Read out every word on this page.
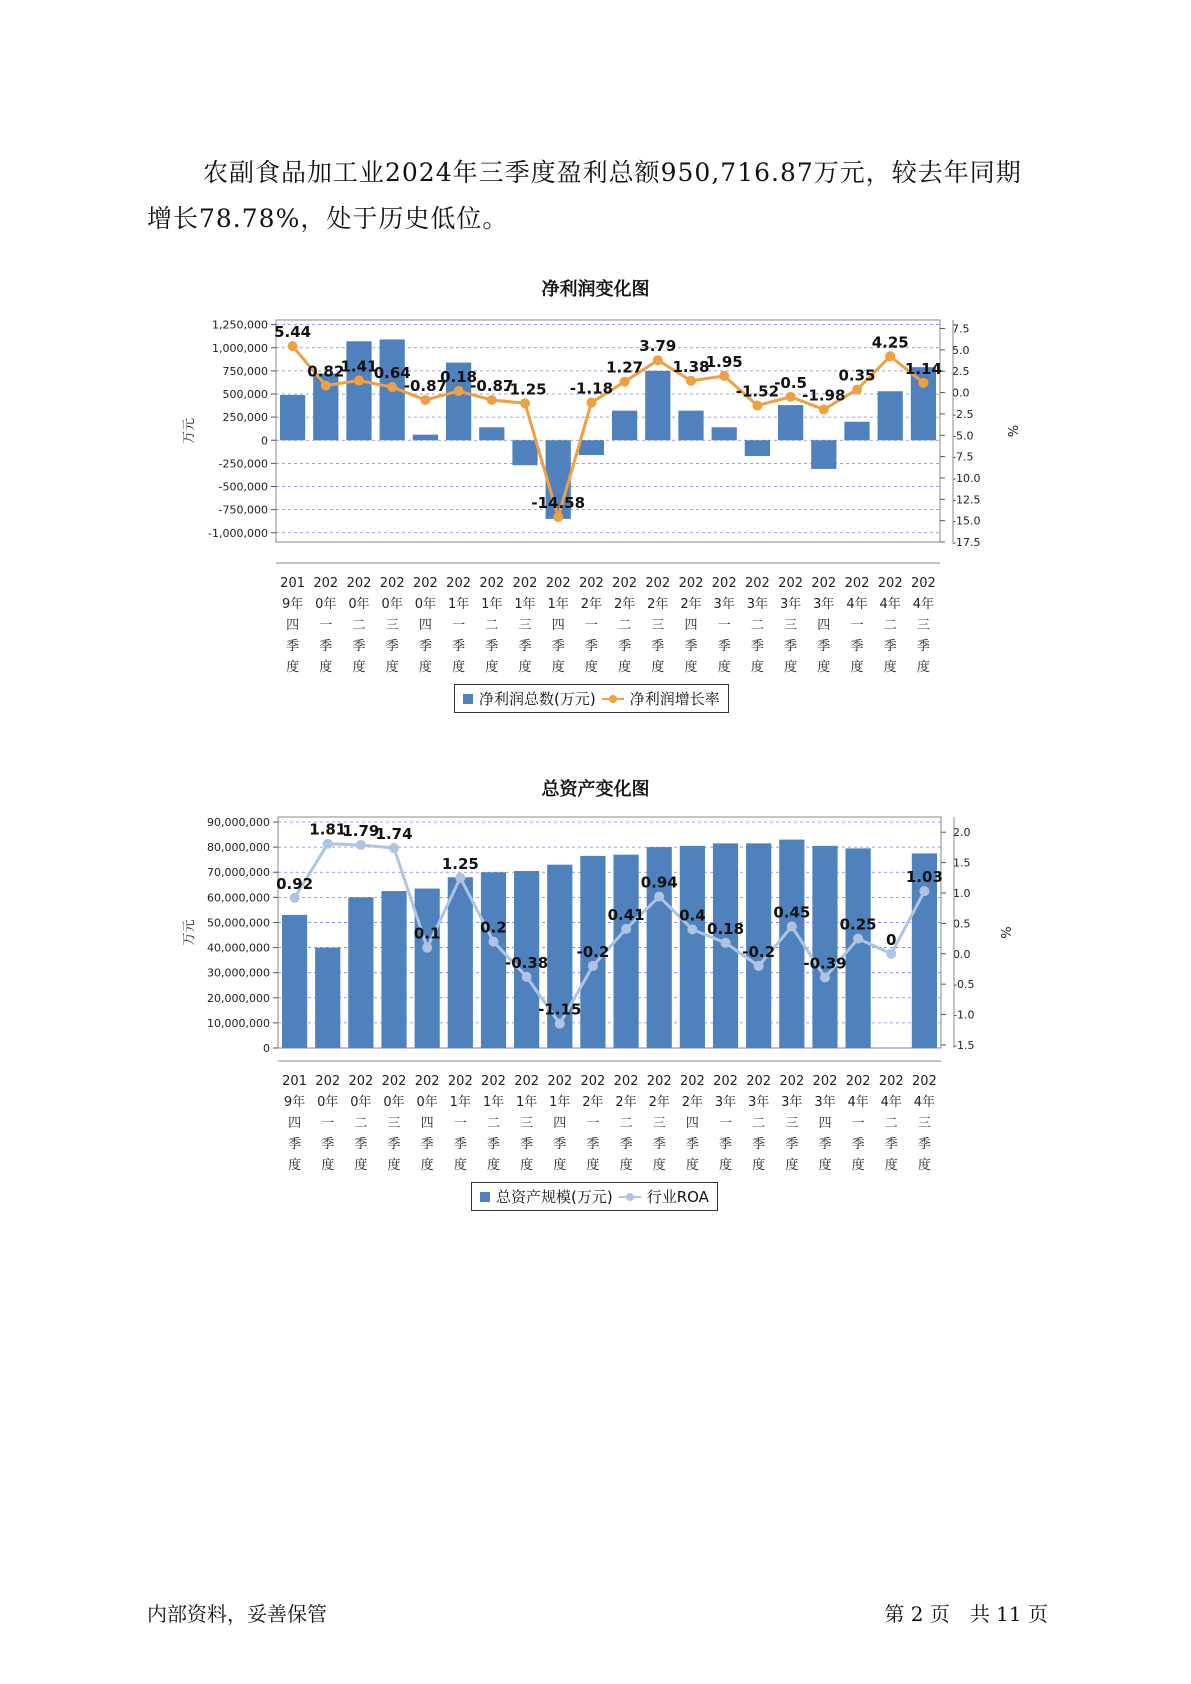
农副食品加工业2024年三季度盈利总额950,716.87万元，较去年同期增长78.78%，处于历史低位。

净利润变化图
1,250,000
1,000,000
750,000
500,000
250,000
0
-250,000
-500,000
-750,000
-1,000,000
7.5
5.0
2.5
0.0
-2.5
-5.0
-7.5
-10.0
-12.5
-15.0
-17.5
万元	%
5.44
0.82
1.41
0.64
-0.87
0.18
-0.87
-1.25
-14.58
-1.18
1.27
3.79
1.38
1.95
-1.52
-0.5
-1.98
0.35
4.25
1.14
201 9年四季度
202 0年一季度
202 0年二季度
202 0年三季度
202 0年四季度
202 1年一季度
202 1年二季度
202 1年三季度
202 1年四季度
202 2年一季度
202 2年二季度
202 2年三季度
202 2年四季度
202 3年一季度
202 3年二季度
202 3年三季度
202 3年四季度
202 4年一季度
202 4年二季度
202 4年三季度
净利润总数(万元) 净利润增长率
总资产变化图
90,000,000
80,000,000
70,000,000
60,000,000
50,000,000
40,000,000
30,000,000
20,000,000
10,000,000
0
2.0
1.5
1.0
0.5
0.0
-0.5
-1.0
-1.5
万元	%
0.92
1.81
1.79
1.74
0.1
1.25
0.2
-0.38
-1.15
-0.2
0.41
0.94
0.4
0.18
-0.2
0.45
-0.39
0.25
0
1.03
201 9年四季度
202 0年一季度
202 0年二季度
202 0年三季度
202 0年四季度
202 1年一季度
202 1年二季度
202 1年三季度
202 1年四季度
202 2年一季度
202 2年二季度
202 2年三季度
202 2年四季度
202 3年一季度
202 3年二季度
202 3年三季度
202 3年四季度
202 4年一季度
202 4年二季度
202 4年三季度
总资产规模(万元) 行业ROA
内部资料，妥善保管	第 2 页　共 11 页
